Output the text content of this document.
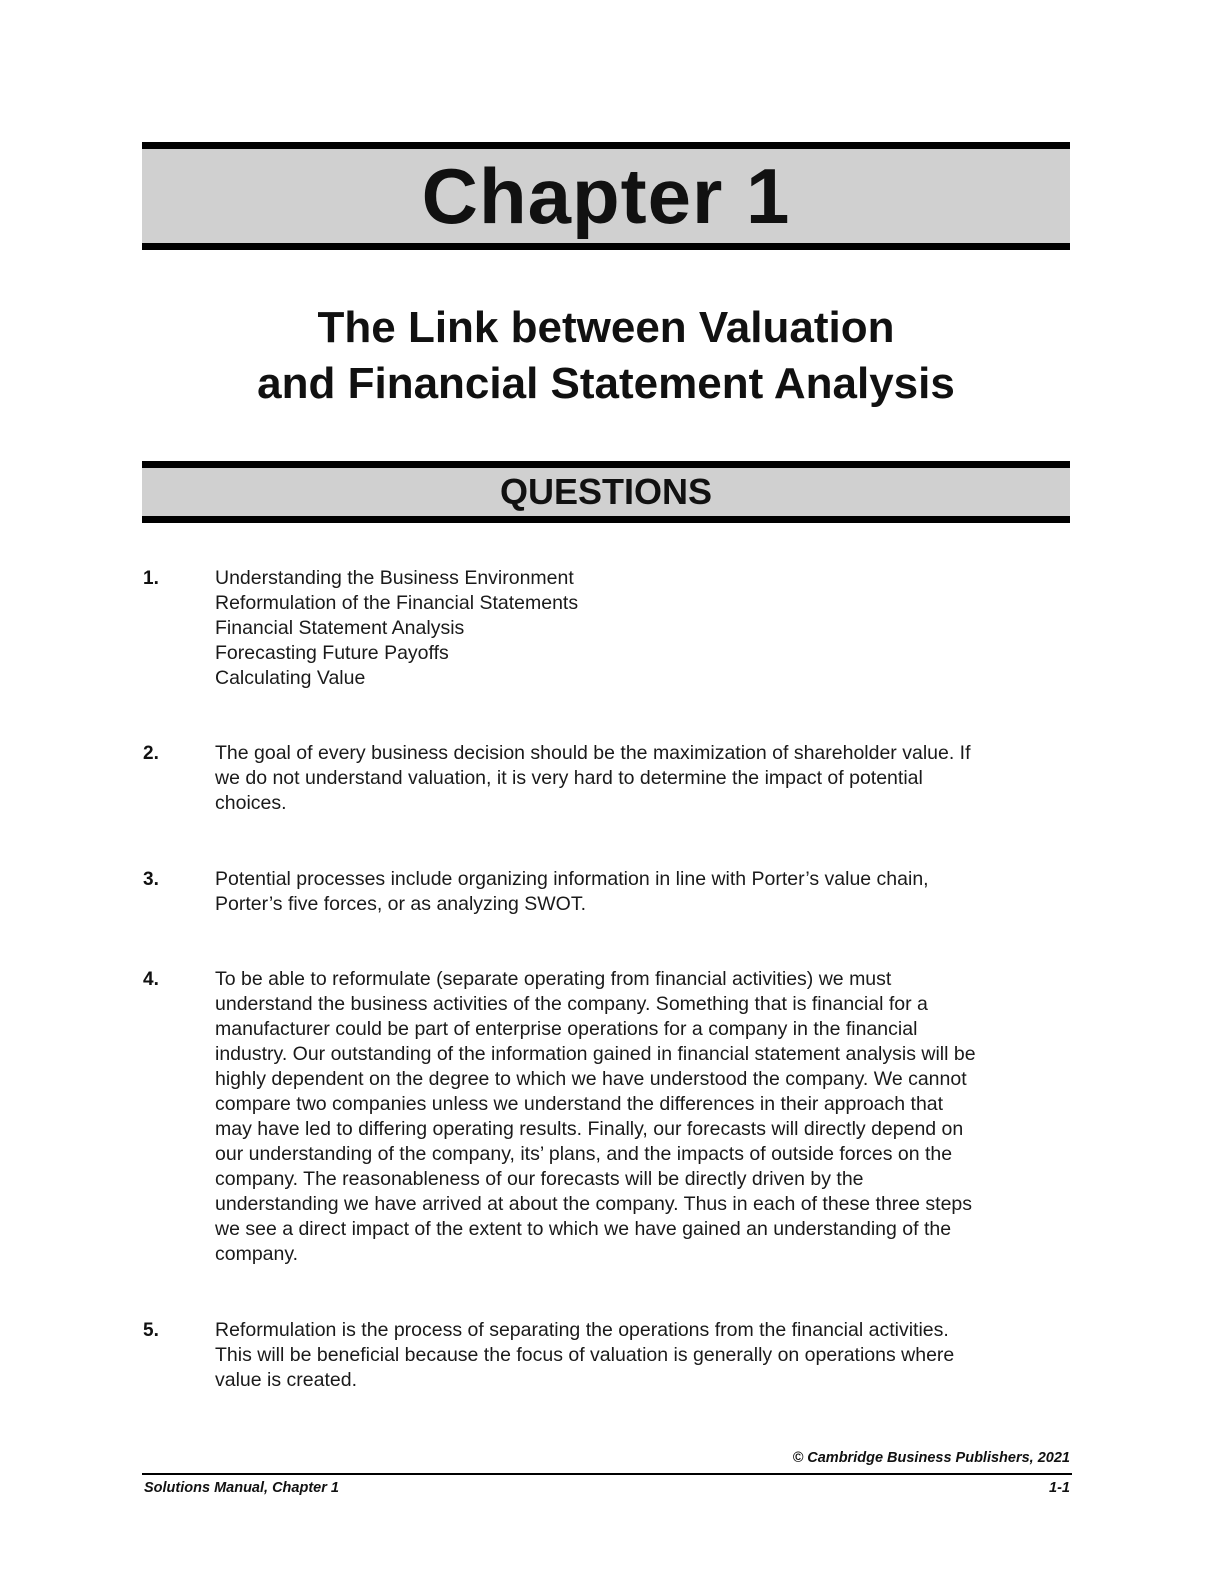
Chapter 1
The Link between Valuation
and Financial Statement Analysis
QUESTIONS
1.	Understanding the Business Environment
Reformulation of the Financial Statements
Financial Statement Analysis
Forecasting Future Payoffs
Calculating Value
2.	The goal of every business decision should be the maximization of shareholder value. If
we do not understand valuation, it is very hard to determine the impact of potential
choices.
3.	Potential processes include organizing information in line with Porter’s value chain,
Porter’s five forces, or as analyzing SWOT.
4.	To be able to reformulate (separate operating from financial activities) we must
understand the business activities of the company. Something that is financial for a
manufacturer could be part of enterprise operations for a company in the financial
industry. Our outstanding of the information gained in financial statement analysis will be
highly dependent on the degree to which we have understood the company. We cannot
compare two companies unless we understand the differences in their approach that
may have led to differing operating results. Finally, our forecasts will directly depend on
our understanding of the company, its’ plans, and the impacts of outside forces on the
company. The reasonableness of our forecasts will be directly driven by the
understanding we have arrived at about the company. Thus in each of these three steps
we see a direct impact of the extent to which we have gained an understanding of the
company.
5.	Reformulation is the process of separating the operations from the financial activities.
This will be beneficial because the focus of valuation is generally on operations where
value is created.
© Cambridge Business Publishers, 2021
Solutions Manual, Chapter 1	1-1
